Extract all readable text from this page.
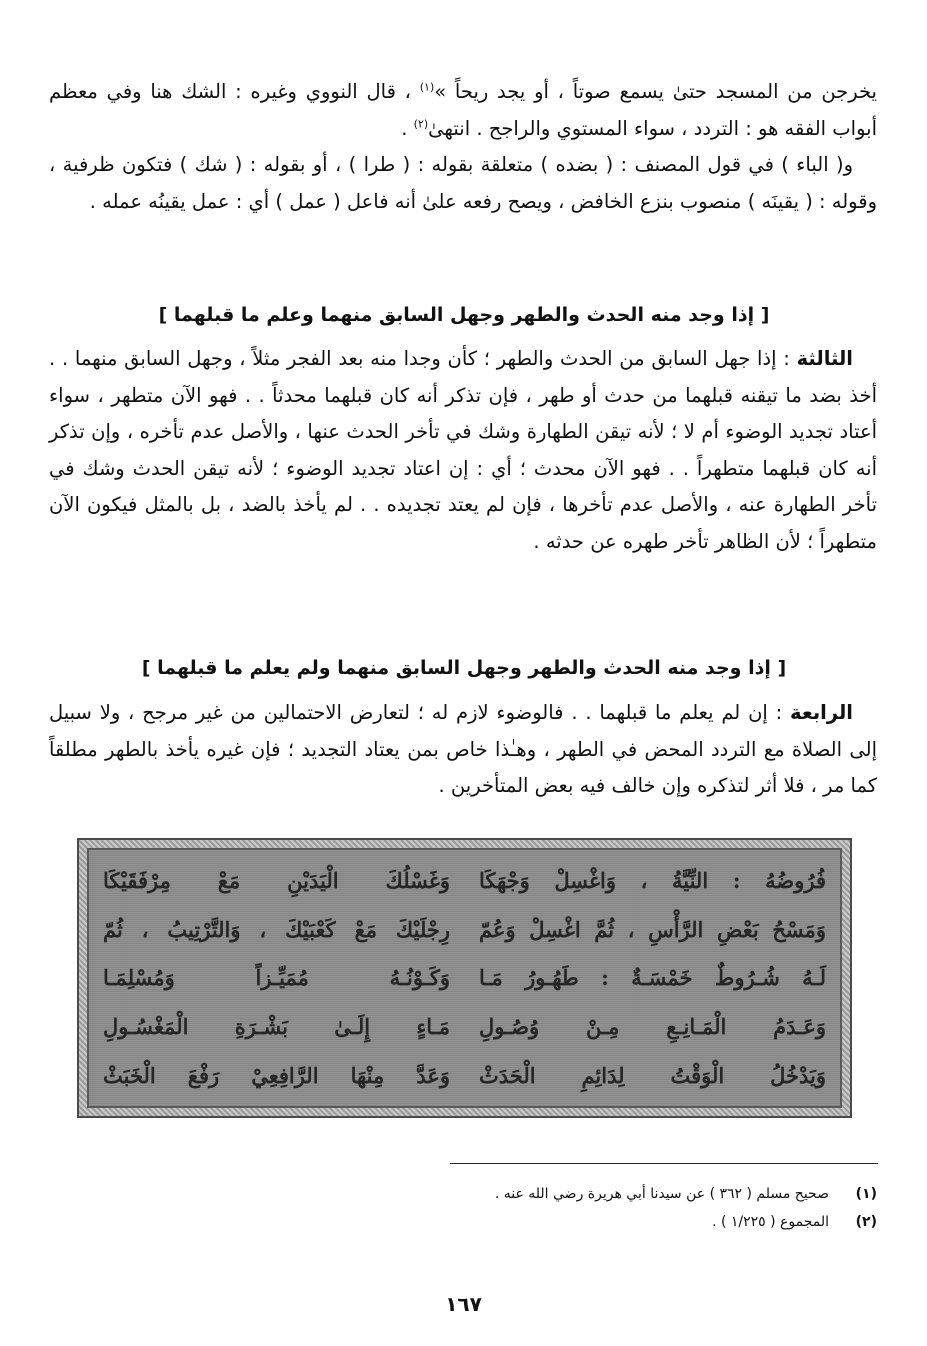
يخرجن من المسجد حتىٰ يسمع صوتاً ، أو يجد ريحاً »$^{(١)}$ ، قال النووي وغيره : الشك هنا وفي معظم أبواب الفقه هو : التردد ، سواء المستوي والراجح . انتهىٰ$^{(٢)}$ .

و( الباء ) في قول المصنف : ( بضده ) متعلقة بقوله : ( طرا ) ، أو بقوله : ( شك ) فتكون ظرفية ، وقوله : ( يقينَه ) منصوب بنزع الخافض ، ويصح رفعه علىٰ أنه فاعل ( عمل ) أي : عمل يقينُه عمله .

[ إذا وجد منه الحدث والطهر وجهل السابق منهما وعلم ما قبلهما ]

الثالثة : إذا جهل السابق من الحدث والطهر ؛ كأن وجدا منه بعد الفجر مثلاً ، وجهل السابق منهما . . أخذ بضد ما تيقنه قبلهما من حدث أو طهر ، فإن تذكر أنه كان قبلهما محدثاً . . فهو الآن متطهر ، سواء أعتاد تجديد الوضوء أم لا ؛ لأنه تيقن الطهارة وشك في تأخر الحدث عنها ، والأصل عدم تأخره ، وإن تذكر أنه كان قبلهما متطهراً . . فهو الآن محدث ؛ أي : إن اعتاد تجديد الوضوء ؛ لأنه تيقن الحدث وشك في تأخر الطهارة عنه ، والأصل عدم تأخرها ، فإن لم يعتد تجديده . . لم يأخذ بالضد ، بل بالمثل فيكون الآن متطهراً ؛ لأن الظاهر تأخر طهره عن حدثه .

[ إذا وجد منه الحدث والطهر وجهل السابق منهما ولم يعلم ما قبلهما ]

الرابعة : إن لم يعلم ما قبلهما . . فالوضوء لازم له ؛ لتعارض الاحتمالين من غير مرجح ، ولا سبيل إلى الصلاة مع التردد المحض في الطهر ، وهـٰذا خاص بمن يعتاد التجديد ؛ فإن غيره يأخذ بالطهر مطلقاً كما مر ، فلا أثر لتذكره وإن خالف فيه بعض المتأخرين .

فُرُوضُهُ : النِّيَّةُ ، وَاغْسِلْ وَجْهَكَا
وَغَسْلُكَ الْيَدَيْنِ مَعْ مِرْفَقَيْكَا
وَمَسْحُ بَعْضِ الرَّأْسِ ، ثُمَّ اغْسِلْ وَعُمّ
رِجْلَيْكَ مَعْ كَعْبَيْكَ ، وَالتَّرْتِيبُ ، ثُمّ
لَـهُ شُـرُوطٌ خَمْسَـةٌ : طَهُـورُ مَـا
وَكَـوْنُـهُ مُمَيِّـزاً وَمُسْلِمَـا
وَعَـدَمُ الْمَـانِـعِ مِـنْ وُصُـولِ
مَـاءٍ إِلَـىٰ بَشْـرَةِ الْمَغْسُـولِ
وَيَدْخُلُ الْوَقْتُ لِدَائِمِ الْحَدَثْ
وَعَدَّ مِنْهَا الرَّافِعِيْ رَفْعَ الْخَبَثْ
(١)
صحيح مسلم ( ٣٦٢ ) عن سيدنا أبي هريرة رضي الله عنه .
(٢)
المجموع ( ١/٢٢٥ ) .
١٦٧
